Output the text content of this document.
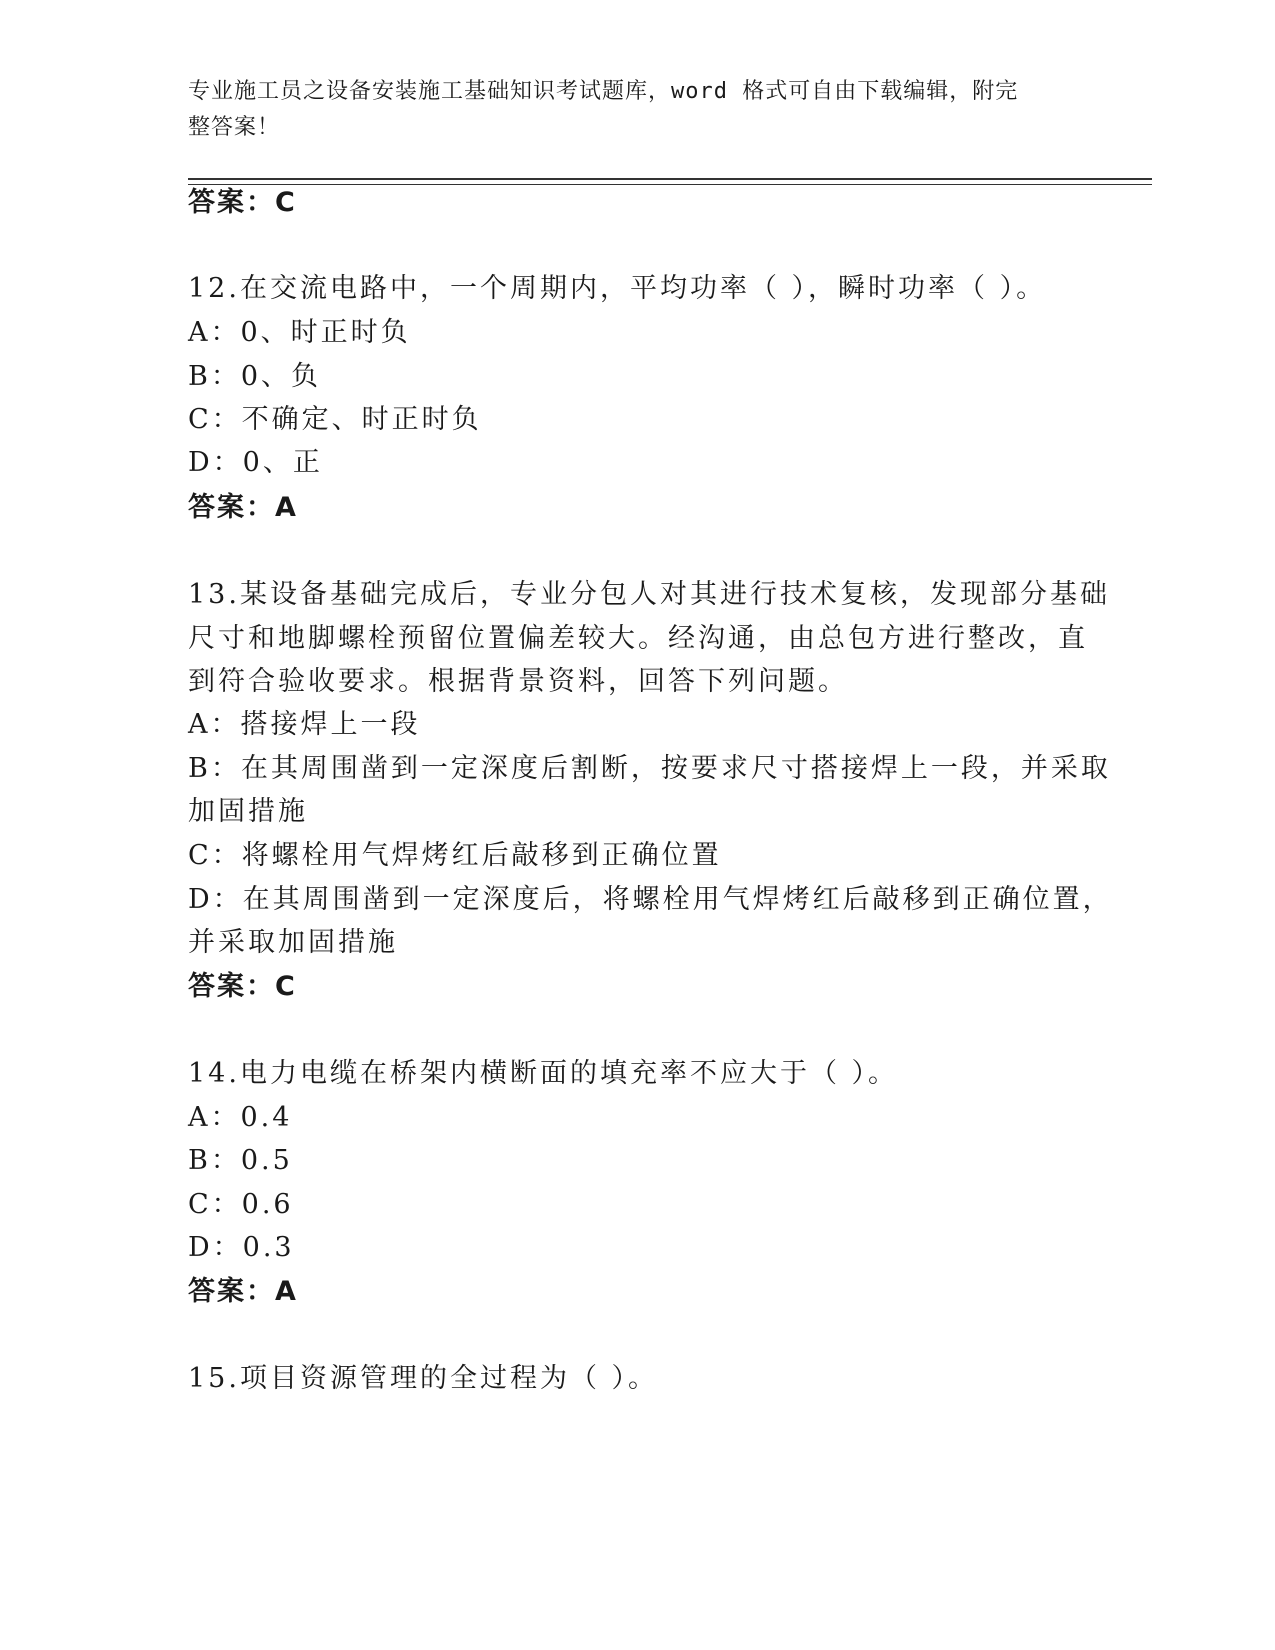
专业施工员之设备安装施工基础知识考试题库，word 格式可自由下载编辑，附完
整答案！
答案：C
12.在交流电路中，一个周期内，平均功率（ ），瞬时功率（ ）。
A：0、时正时负
B：0、负
C：不确定、时正时负
D：0、正
答案：A
13.某设备基础完成后，专业分包人对其进行技术复核，发现部分基础
尺寸和地脚螺栓预留位置偏差较大。经沟通，由总包方进行整改，直
到符合验收要求。根据背景资料，回答下列问题。
A：搭接焊上一段
B：在其周围凿到一定深度后割断，按要求尺寸搭接焊上一段，并采取
加固措施
C：将螺栓用气焊烤红后敲移到正确位置
D：在其周围凿到一定深度后，将螺栓用气焊烤红后敲移到正确位置，
并采取加固措施
答案：C
14.电力电缆在桥架内横断面的填充率不应大于（ ）。
A：0.4
B：0.5
C：0.6
D：0.3
答案：A
15.项目资源管理的全过程为（ ）。
